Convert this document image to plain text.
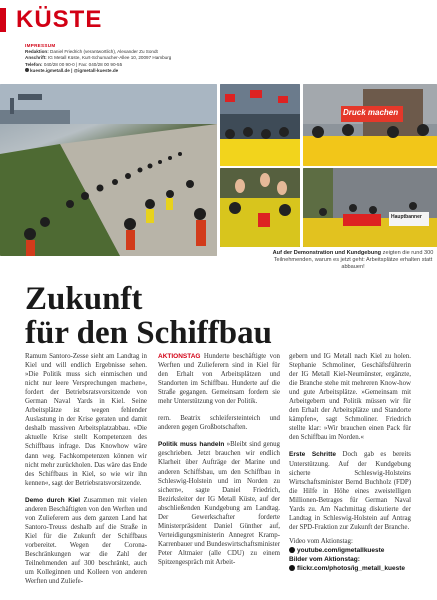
KÜSTE
IMPRESSUM
Redaktion: Daniel Friedrich (verantwortlich), Alexander Zu Sondt
Anschrift: IG Metall Küste, Kurt-Schumacher-Allee 10, 20097 Hamburg
Telefon: 040/28 00 90-0 | Fax: 040/28 00 90-55
kueste.igmetall.de | @igmetall-kueste.de
Druck machen
Hauptbanner
Auf der Demonstration und Kundgebung zeigten die rund 300 Teilnehmenden, warum es jetzt geht: Arbeitsplätze erhalten statt abbauen!
Zukunft
für den Schiffbau
Ramum Santoro-Zesse sieht am Landtag in Kiel und will endlich Ergebnisse sehen. »Die Politik muss sich einmischen und nicht nur leere Versprechungen machen«, fordert der Betriebsratsvorsitzende von German Naval Yards in Kiel. Seine Arbeitsplätze ist wegen fehlender Auslastung in der Krise geraten und damit deshalb massiven Arbeitsplatzabbau. »Die aktuelle Krise stellt Kompetenzen des Schiffbaus infrage. Das Knowhow wäre dann weg. Fachkompetenzen können wir nicht mehr zurückholen. Das wäre das Ende des Schiffbaus in Kiel, so wie wir ihn kennen«, sagt der Betriebsratsvorsitzende.
Demo durch Kiel Zusammen mit vielen anderen Beschäftigten von den Werften und von Zulieferern aus dem ganzen Land hat Santoro-Treuss deshalb auf die Straße in Kiel für die Zukunft der Schiffbaus vorbereitet. Wegen der Corona-Beschränkungen war die Zahl der Teilnehmenden auf 300 beschränkt, auch um Kolleginnen und Kolleen von anderen Werften und Zuliefe-
AKTIONSTAG Hunderte beschäftigte von Werften und Zulieferern sind in Kiel für den Erhalt von Arbeitsplätzen und Standorten im Schiffbau. Hunderte auf die Straße gegangen. Gemeinsam fordern sie mehr Unterstützung von der Politik.
rern. Beatrix schleifersteinteich und anderen gegen Großbotschaften.
Politik muss handeln »Bleibt sind genug geschrieben. Jetzt brauchen wir endlich Klarheit über Aufträge der Marine und anderen Schiffsbau, um den Schiffbau in Schleswig-Holstein und im Norden zu sichern«, sagte Daniel Friedrich, Bezirksleiter der IG Metall Küste, auf der abschließenden Kundgebung am Landtag. Der Gewerkschafter forderte Ministerpräsident Daniel Günther auf, Verteidigungsministerin Annegret Kramp-Karrenbauer und Bundeswirtschaftsminister Peter Altmaier (alle CDU) zu einem Spitzengespräch mit Arbeit-
gebern und IG Metall nach Kiel zu holen. Stephanie Schmoliner, Geschäftsführerin der IG Metall Kiel-Neumünster, ergänzte, die Branche stehe mit mehreren Know-how und gute Arbeitsplätze. »Gemeinsam mit Arbeitgebern und Politik müssen wir für den Erhalt der Arbeitsplätze und Standorte kämpfen«, sagt Schmoliner. Friedrich stellte klar: »Wir brauchen einen Pack für den Schiffbau im Norden.«
Erste Schritte Doch gab es bereits Unterstützung. Auf der Kundgebung sicherte Schleswig-Holsteins Wirtschaftsminister Bernd Buchholz (FDP) die Hilfe in Höhe eines zweistelligen Millionen-Betrages für German Naval Yards zu. Am Nachmittag diskutierte der Landtag in Schleswig-Holstein auf Antrag der SPD-Fraktion zur Zukunft der Branche.
Video vom Aktionstag:
youtube.com/igmetallkueste
Bilder vom Aktionstag:
flickr.com/photos/ig_metall_kueste
